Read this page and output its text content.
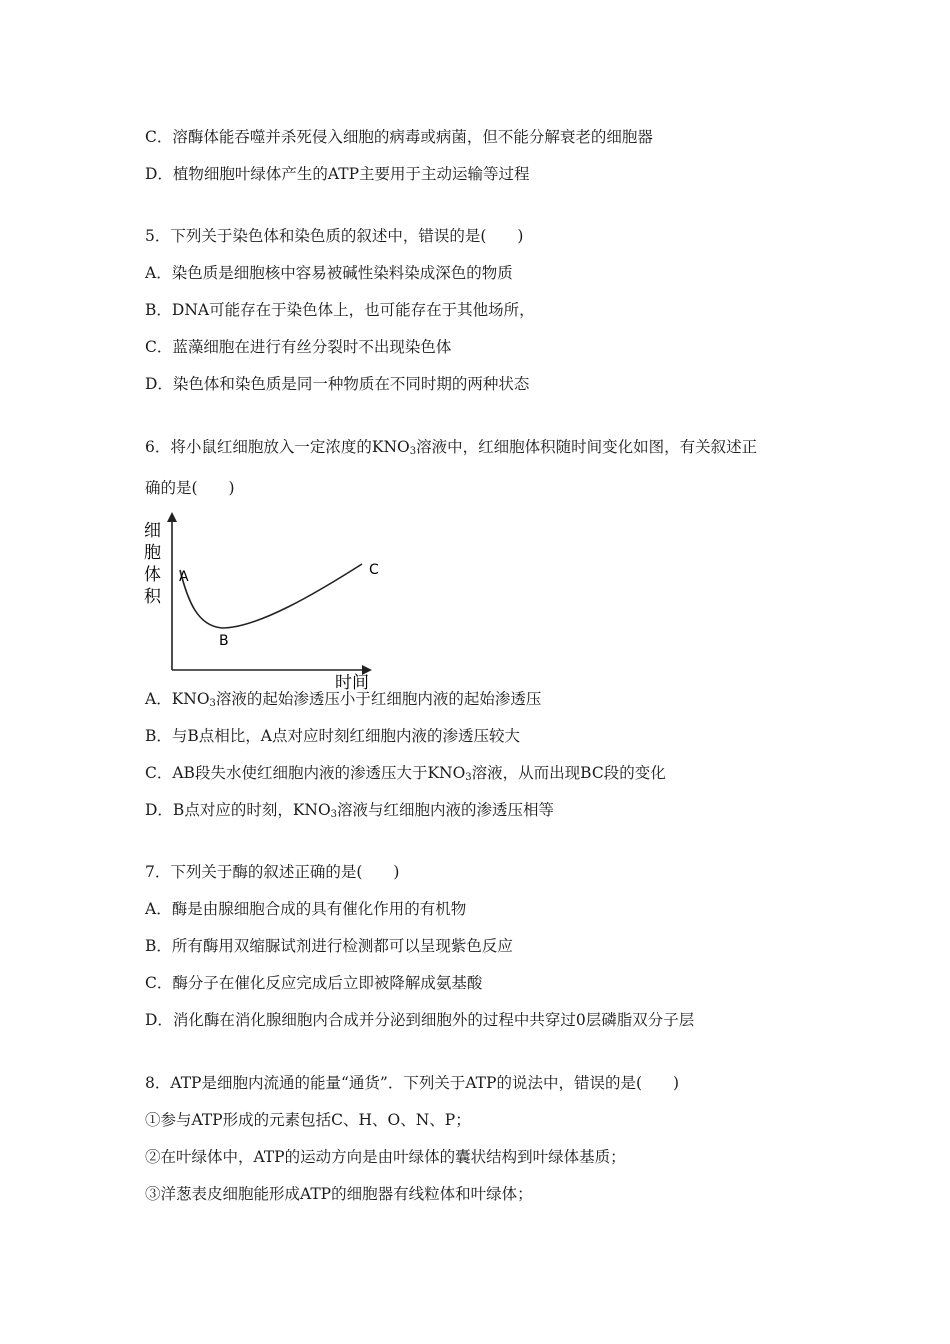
C．溶酶体能吞噬并杀死侵入细胞的病毒或病菌，但不能分解衰老的细胞器
D．植物细胞叶绿体产生的ATP主要用于主动运输等过程
5．下列关于染色体和染色质的叙述中，错误的是(　　)
A．染色质是细胞核中容易被碱性染料染成深色的物质
B．DNA可能存在于染色体上，也可能存在于其他场所，
C．蓝藻细胞在进行有丝分裂时不出现染色体
D．染色体和染色质是同一种物质在不同时期的两种状态
6．将小鼠红细胞放入一定浓度的$KNO_3$溶液中，红细胞体积随时间变化如图，有关叙述正
确的是(　　)
细
胞
体
积
A
B
C
时间
A．$KNO_3$溶液的起始渗透压小于红细胞内液的起始渗透压
B．与B点相比，A点对应时刻红细胞内液的渗透压较大
C．AB段失水使红细胞内液的渗透压大于$KNO_3$溶液，从而出现BC段的变化
D．B点对应的时刻，$KNO_3$溶液与红细胞内液的渗透压相等
7．下列关于酶的叙述正确的是(　　)
A．酶是由腺细胞合成的具有催化作用的有机物
B．所有酶用双缩脲试剂进行检测都可以呈现紫色反应
C．酶分子在催化反应完成后立即被降解成氨基酸
D．消化酶在消化腺细胞内合成并分泌到细胞外的过程中共穿过0层磷脂双分子层
8．ATP是细胞内流通的能量“通货”．下列关于ATP的说法中，错误的是(　　)
①参与ATP形成的元素包括C、H、O、N、P；
②在叶绿体中，ATP的运动方向是由叶绿体的囊状结构到叶绿体基质；
③洋葱表皮细胞能形成ATP的细胞器有线粒体和叶绿体；
